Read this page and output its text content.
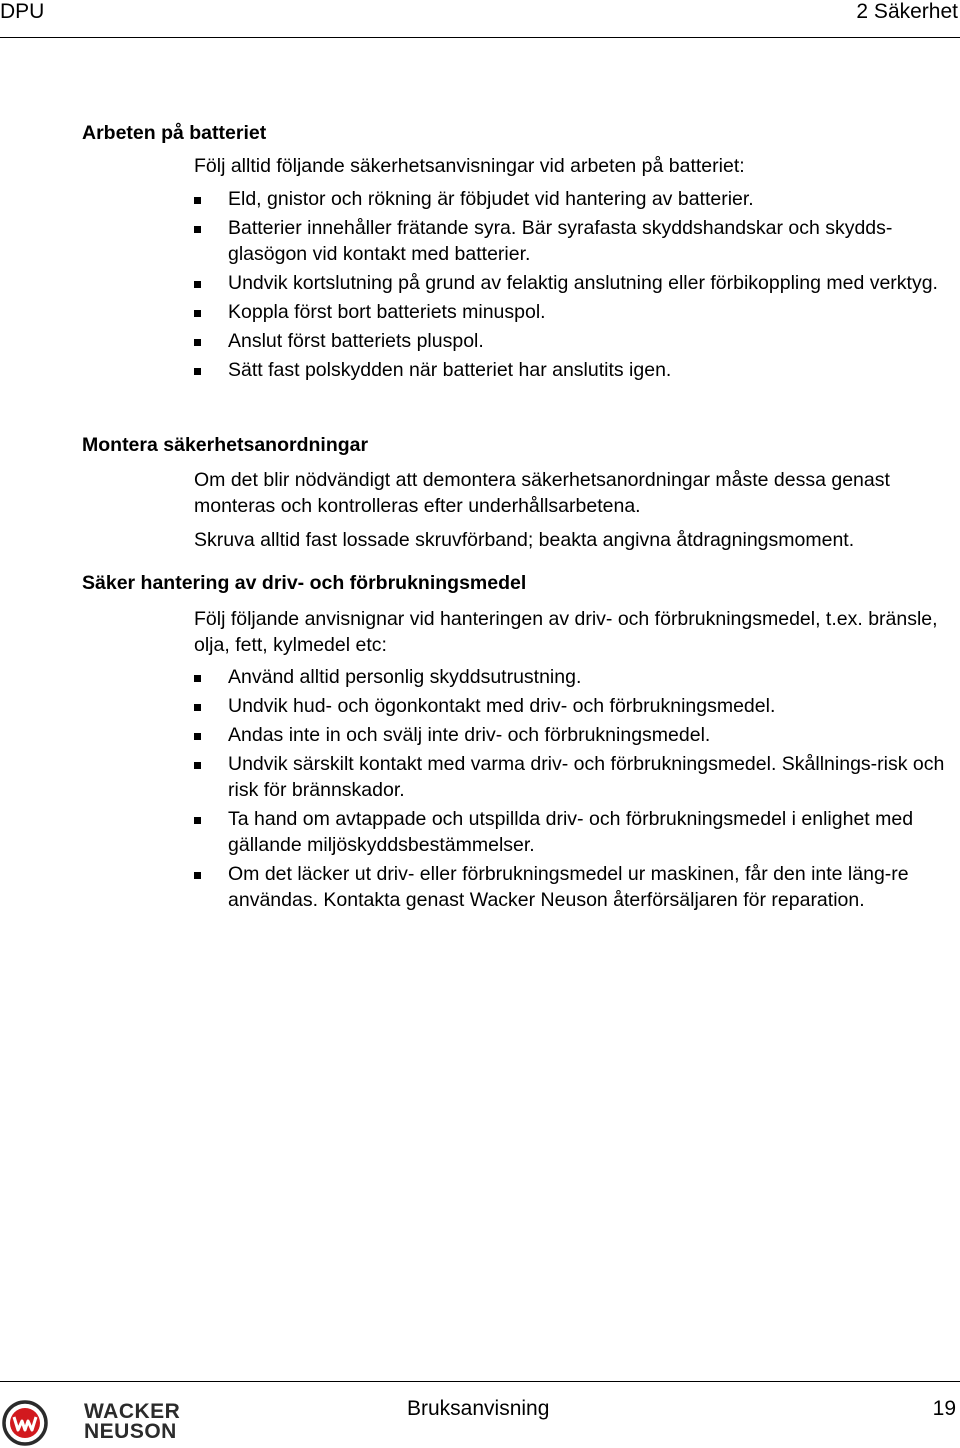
DPU	2 Säkerhet
Arbeten på batteriet
Följ alltid följande säkerhetsanvisningar vid arbeten på batteriet:
Eld, gnistor och rökning är föbjudet vid hantering av batterier.
Batterier innehåller frätande syra. Bär syrafasta skyddshandskar och skydds-glasögon vid kontakt med batterier.
Undvik kortslutning på grund av felaktig anslutning eller förbikoppling med verktyg.
Koppla först bort batteriets minuspol.
Anslut först batteriets pluspol.
Sätt fast polskydden när batteriet har anslutits igen.
Montera säkerhetsanordningar
Om det blir nödvändigt att demontera säkerhetsanordningar måste dessa genast monteras och kontrolleras efter underhållsarbetena.
Skruva alltid fast lossade skruvförband; beakta angivna åtdragningsmoment.
Säker hantering av driv- och förbrukningsmedel
Följ följande anvisnignar vid hanteringen av driv- och förbrukningsmedel, t.ex. bränsle, olja, fett, kylmedel etc:
Använd alltid personlig skyddsutrustning.
Undvik hud- och ögonkontakt med driv- och förbrukningsmedel.
Andas inte in och svälj inte driv- och förbrukningsmedel.
Undvik särskilt kontakt med varma driv- och förbrukningsmedel. Skållnings-risk och risk för brännskador.
Ta hand om avtappade och utspillda driv- och förbrukningsmedel i enlighet med gällande miljöskyddsbestämmelser.
Om det läcker ut driv- eller förbrukningsmedel ur maskinen, får den inte läng-re användas. Kontakta genast Wacker Neuson återförsäljaren för reparation.
WACKER
NEUSON
Bruksanvisning	19
